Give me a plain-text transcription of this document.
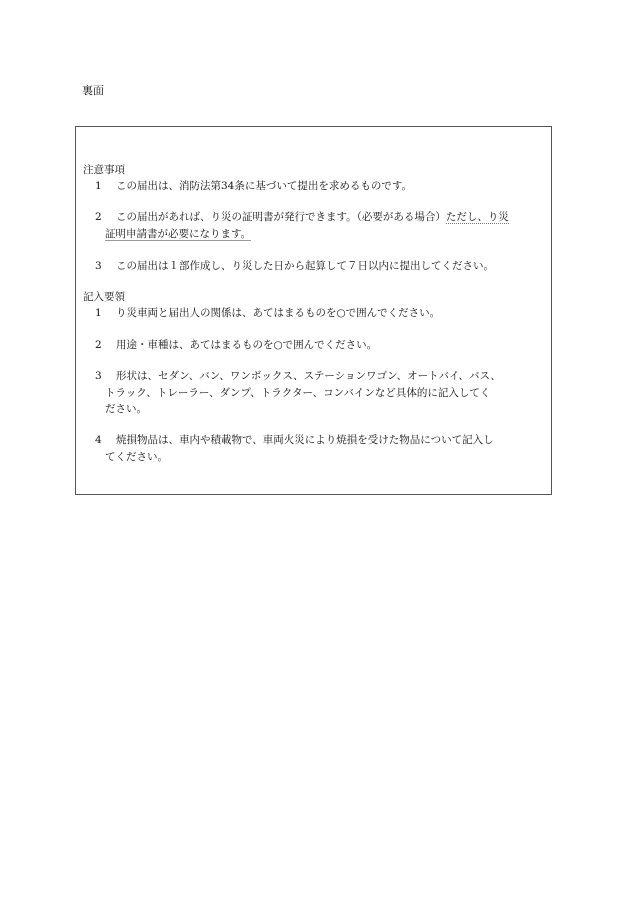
裏面
注意事項
1	この届出は、消防法第34条に基づいて提出を求めるものです。
2	この届出があれば、り災の証明書が発行できます。（必要がある場合）ただし、り災
証明申請書が必要になります。
3	この届出は１部作成し、り災した日から起算して７日以内に提出してください。
記入要領
1	り災車両と届出人の関係は、あてはまるものを○で囲んでください。
2	用途・車種は、あてはまるものを○で囲んでください。
3	形状は、セダン、バン、ワンボックス、ステーションワゴン、オートバイ、バス、
トラック、トレーラー、ダンプ、トラクター、コンバインなど具体的に記入してく
ださい。
4	焼損物品は、車内や積載物で、車両火災により焼損を受けた物品について記入し
てください。
